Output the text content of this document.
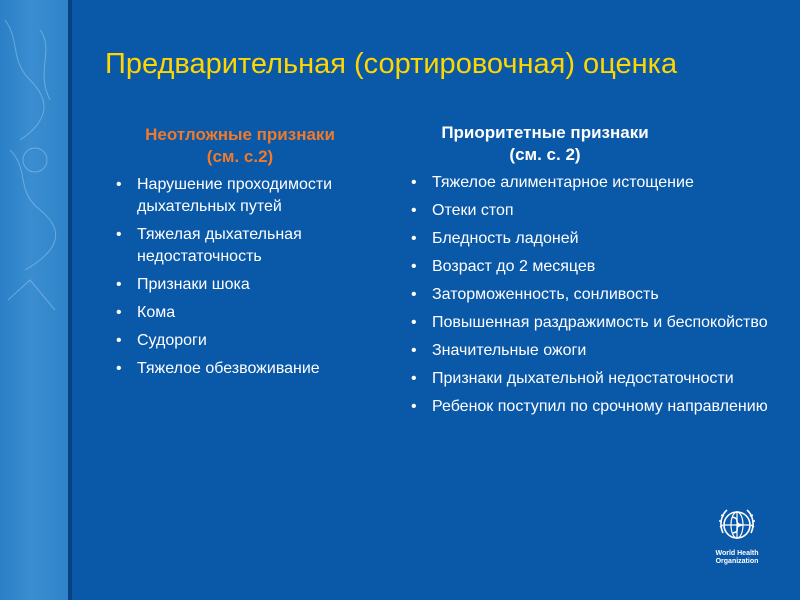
Предварительная (сортировочная) оценка
Неотложные признаки
(см. с.2)
• Нарушение проходимости дыхательных путей
• Тяжелая дыхательная недостаточность
• Признаки шока
• Кома
• Судороги
• Тяжелое обезвоживание
Приоритетные признаки
(см. с. 2)
• Тяжелое алиментарное истощение
• Отеки стоп
• Бледность ладоней
• Возраст до 2 месяцев
• Заторможенность, сонливость
• Повышенная раздражимость и беспокойство
• Значительные ожоги
• Признаки дыхательной недостаточности
• Ребенок поступил по срочному направлению
World Health
Organization
